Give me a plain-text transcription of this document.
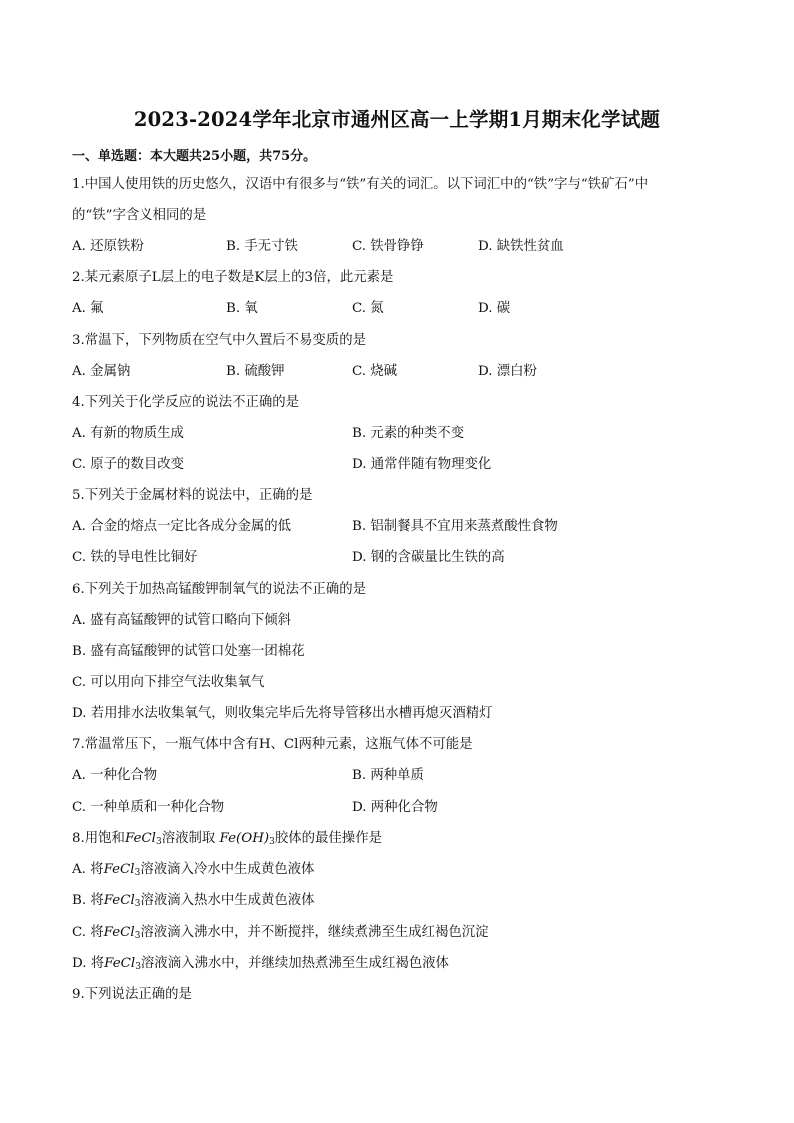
2023-2024学年北京市通州区高一上学期1月期末化学试题
一、单选题：本大题共25小题，共75分。
1.中国人使用铁的历史悠久，汉语中有很多与“铁”有关的词汇。以下词汇中的“铁”字与“铁矿石”中
的“铁”字含义相同的是
A. 还原铁粉	B. 手无寸铁	C. 铁骨铮铮	D. 缺铁性贫血
2.某元素原子L层上的电子数是K层上的3倍，此元素是
A. 氟	B. 氧	C. 氮	D. 碳
3.常温下，下列物质在空气中久置后不易变质的是
A. 金属钠	B. 硫酸钾	C. 烧碱	D. 漂白粉
4.下列关于化学反应的说法不正确的是
A. 有新的物质生成	B. 元素的种类不变
C. 原子的数目改变	D. 通常伴随有物理变化
5.下列关于金属材料的说法中，正确的是
A. 合金的熔点一定比各成分金属的低	B. 铝制餐具不宜用来蒸煮酸性食物
C. 铁的导电性比铜好	D. 钢的含碳量比生铁的高
6.下列关于加热高锰酸钾制氧气的说法不正确的是
A. 盛有高锰酸钾的试管口略向下倾斜
B. 盛有高锰酸钾的试管口处塞一团棉花
C. 可以用向下排空气法收集氧气
D. 若用排水法收集氧气，则收集完毕后先将导管移出水槽再熄灭酒精灯
7.常温常压下，一瓶气体中含有H、Cl两种元素，这瓶气体不可能是
A. 一种化合物	B. 两种单质
C. 一种单质和一种化合物	D. 两种化合物
8.用饱和FeCl$_3$溶液制取 $Fe(OH)_3$胶体的最佳操作是
A. 将FeCl$_3$溶液滴入冷水中生成黄色液体
B. 将FeCl$_3$溶液滴入热水中生成黄色液体
C. 将FeCl$_3$溶液滴入沸水中，并不断搅拌，继续煮沸至生成红褐色沉淀
D. 将FeCl$_3$溶液滴入沸水中，并继续加热煮沸至生成红褐色液体
9.下列说法正确的是
